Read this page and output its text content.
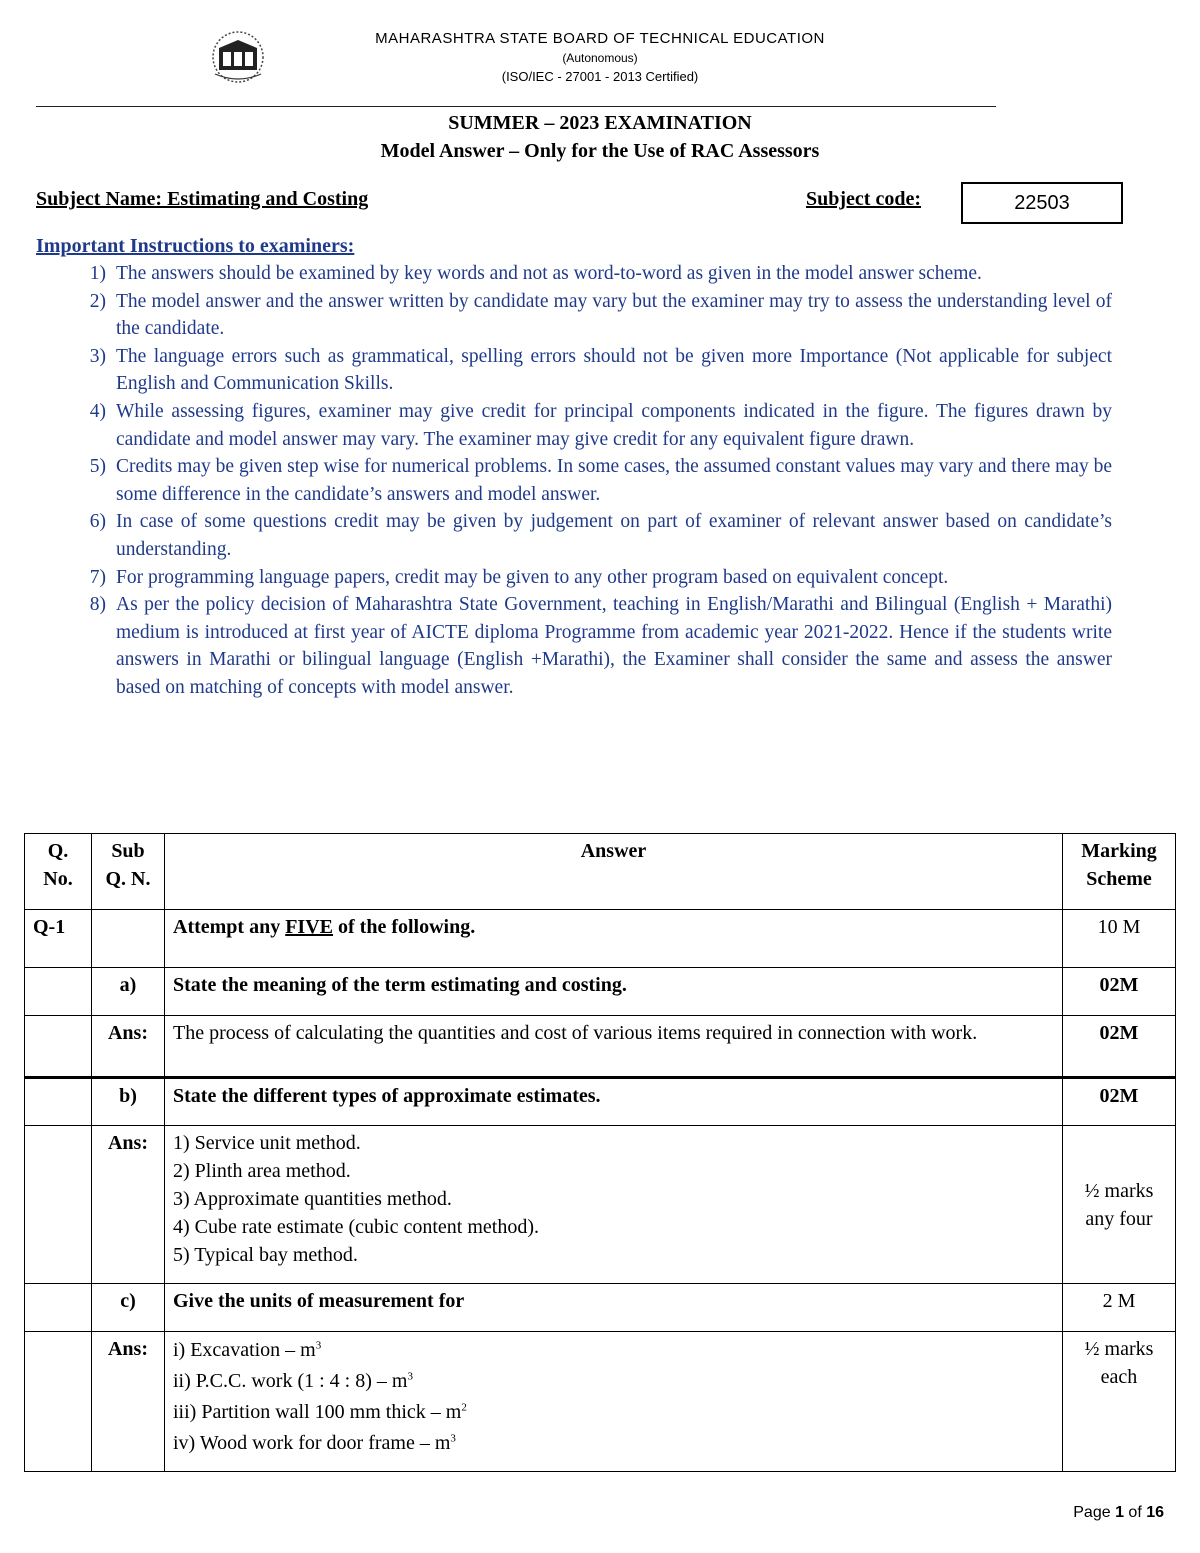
MAHARASHTRA STATE BOARD OF TECHNICAL EDUCATION
(Autonomous)
(ISO/IEC - 27001 - 2013 Certified)
SUMMER – 2023 EXAMINATION
Model Answer – Only for the Use of RAC Assessors
Subject Name: Estimating and Costing	Subject code:	22503
Important Instructions to examiners:
1) The answers should be examined by key words and not as word-to-word as given in the model answer scheme.
2) The model answer and the answer written by candidate may vary but the examiner may try to assess the understanding level of the candidate.
3) The language errors such as grammatical, spelling errors should not be given more Importance (Not applicable for subject English and Communication Skills.
4) While assessing figures, examiner may give credit for principal components indicated in the figure. The figures drawn by candidate and model answer may vary. The examiner may give credit for any equivalent figure drawn.
5) Credits may be given step wise for numerical problems. In some cases, the assumed constant values may vary and there may be some difference in the candidate’s answers and model answer.
6) In case of some questions credit may be given by judgement on part of examiner of relevant answer based on candidate’s understanding.
7) For programming language papers, credit may be given to any other program based on equivalent concept.
8) As per the policy decision of Maharashtra State Government, teaching in English/Marathi and Bilingual (English + Marathi) medium is introduced at first year of AICTE diploma Programme from academic year 2021-2022. Hence if the students write answers in Marathi or bilingual language (English +Marathi), the Examiner shall consider the same and assess the answer based on matching of concepts with model answer.
Q. No.	Sub Q. N.	Answer	Marking Scheme
Q-1		Attempt any FIVE of the following.	10 M
	a)	State the meaning of the term estimating and costing.	02M
	Ans:	The process of calculating the quantities and cost of various items required in connection with work.	02M
	b)	State the different types of approximate estimates.	02M
	Ans:	1) Service unit method.
2) Plinth area method.
3) Approximate quantities method.
4) Cube rate estimate (cubic content method).
5) Typical bay method.	½ marks any four
	c)	Give the units of measurement for	2 M
	Ans:	i) Excavation – $m^3$
ii) P.C.C. work (1 : 4 : $8) - m^3$
iii) Partition wall 100 mm thick – $m^2$
iv) Wood work for door frame – $m^3$	½ marks each
Page 1 of 16
